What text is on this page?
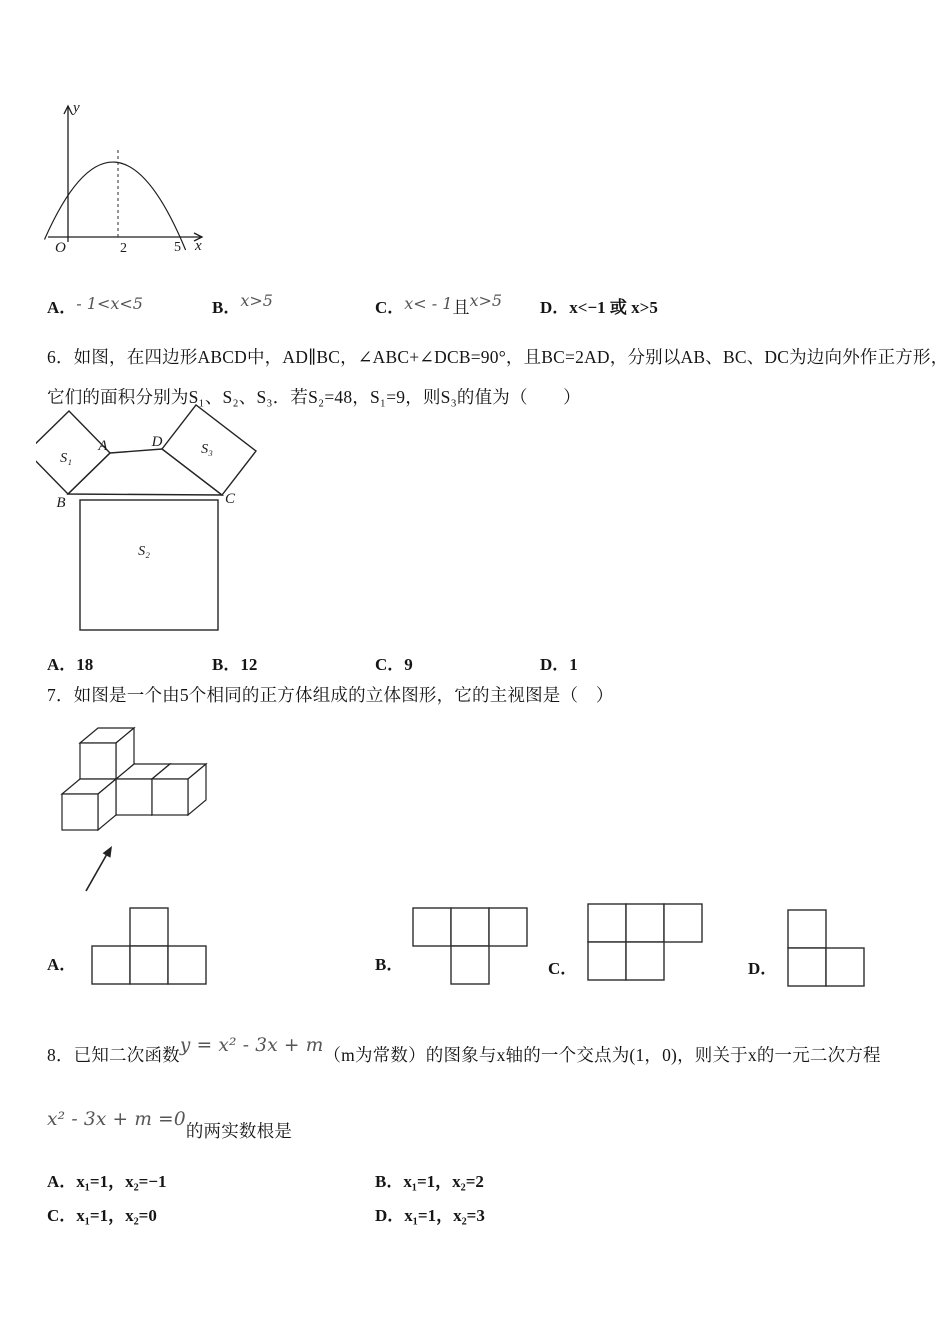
y
O	2	5 x
A．- 1<x<5	B．x>5	C．x< - 1且x>5 D．x<−1 或 x>5
6．如图，在四边形ABCD中，AD∥BC，∠ABC+∠DCB=90°，且BC=2AD，分别以AB、BC、DC为边向外作正方形，
它们的面积分别为S₁、S₂、S₃．若S₂=48，S₁=9，则S₃的值为（　　）
A	D
B	C
S₁
S₃
S₂
A．18	B．12	C．9	D．1
7．如图是一个由5个相同的正方体组成的立体图形，它的主视图是（　）
A．	B．	C．	D．
8．已知二次函数y = x² - 3x + m（m为常数）的图象与x轴的一个交点为(1，0)，则关于x的一元二次方程
x² - 3x + m =0的两实数根是
A．x₁=1，x₂=−1	B．x₁=1，x₂=2
C．x₁=1，x₂=0	D．x₁=1，x₂=3
